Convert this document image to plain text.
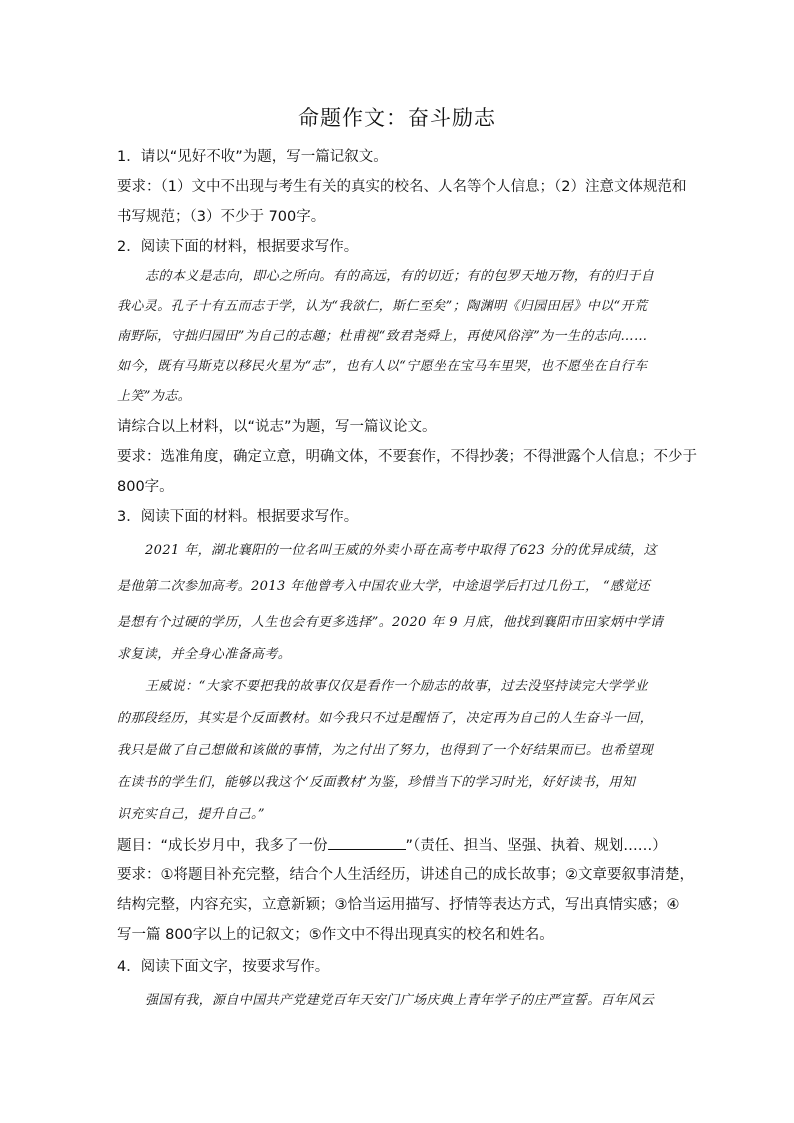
命题作文：奋斗励志
1．请以“见好不收”为题，写一篇记叙文。
要求：（1）文中不出现与考生有关的真实的校名、人名等个人信息；（2）注意文体规范和
书写规范；（3）不少于 700字。
2．阅读下面的材料，根据要求写作。
志的本义是志向，即心之所向。有的高远，有的切近；有的包罗天地万物，有的归于自
我心灵。孔子十有五而志于学，认为“我欲仁，斯仁至矣”；陶渊明《归园田居》中以“开荒
南野际，守拙归园田”为自己的志趣；杜甫视“致君尧舜上，再使风俗淳”为一生的志向……
如今，既有马斯克以移民火星为“志”，也有人以“宁愿坐在宝马车里哭，也不愿坐在自行车
上笑”为志。
请综合以上材料，以“说志”为题，写一篇议论文。
要求：选准角度，确定立意，明确文体，不要套作，不得抄袭；不得泄露个人信息；不少于
800字。
3．阅读下面的材料。根据要求写作。
2021 年，湖北襄阳的一位名叫王威的外卖小哥在高考中取得了623 分的优异成绩，这
是他第二次参加高考。2013 年他曾考入中国农业大学，中途退学后打过几份工， “感觉还
是想有个过硬的学历，人生也会有更多选择”。2020 年 9 月底，他找到襄阳市田家炳中学请
求复读，并全身心准备高考。
王威说：“大家不要把我的故事仅仅是看作一个励志的故事，过去没坚持读完大学学业
的那段经历，其实是个反面教材。如今我只不过是醒悟了，决定再为自己的人生奋斗一回，
我只是做了自己想做和该做的事情，为之付出了努力，也得到了一个好结果而已。也希望现
在读书的学生们，能够以我这个‘反面教材’为鉴，珍惜当下的学习时光，好好读书，用知
识充实自己，提升自己。”
题目：“成长岁月中，我多了一份	”（责任、担当、坚强、执着、规划……）
要求：①将题目补充完整，结合个人生活经历，讲述自己的成长故事；②文章要叙事清楚，
结构完整，内容充实，立意新颖；③恰当运用描写、抒情等表达方式，写出真情实感；④
写一篇 800字以上的记叙文；⑤作文中不得出现真实的校名和姓名。
4．阅读下面文字，按要求写作。
强国有我，源自中国共产党建党百年天安门广场庆典上青年学子的庄严宣誓。百年风云
